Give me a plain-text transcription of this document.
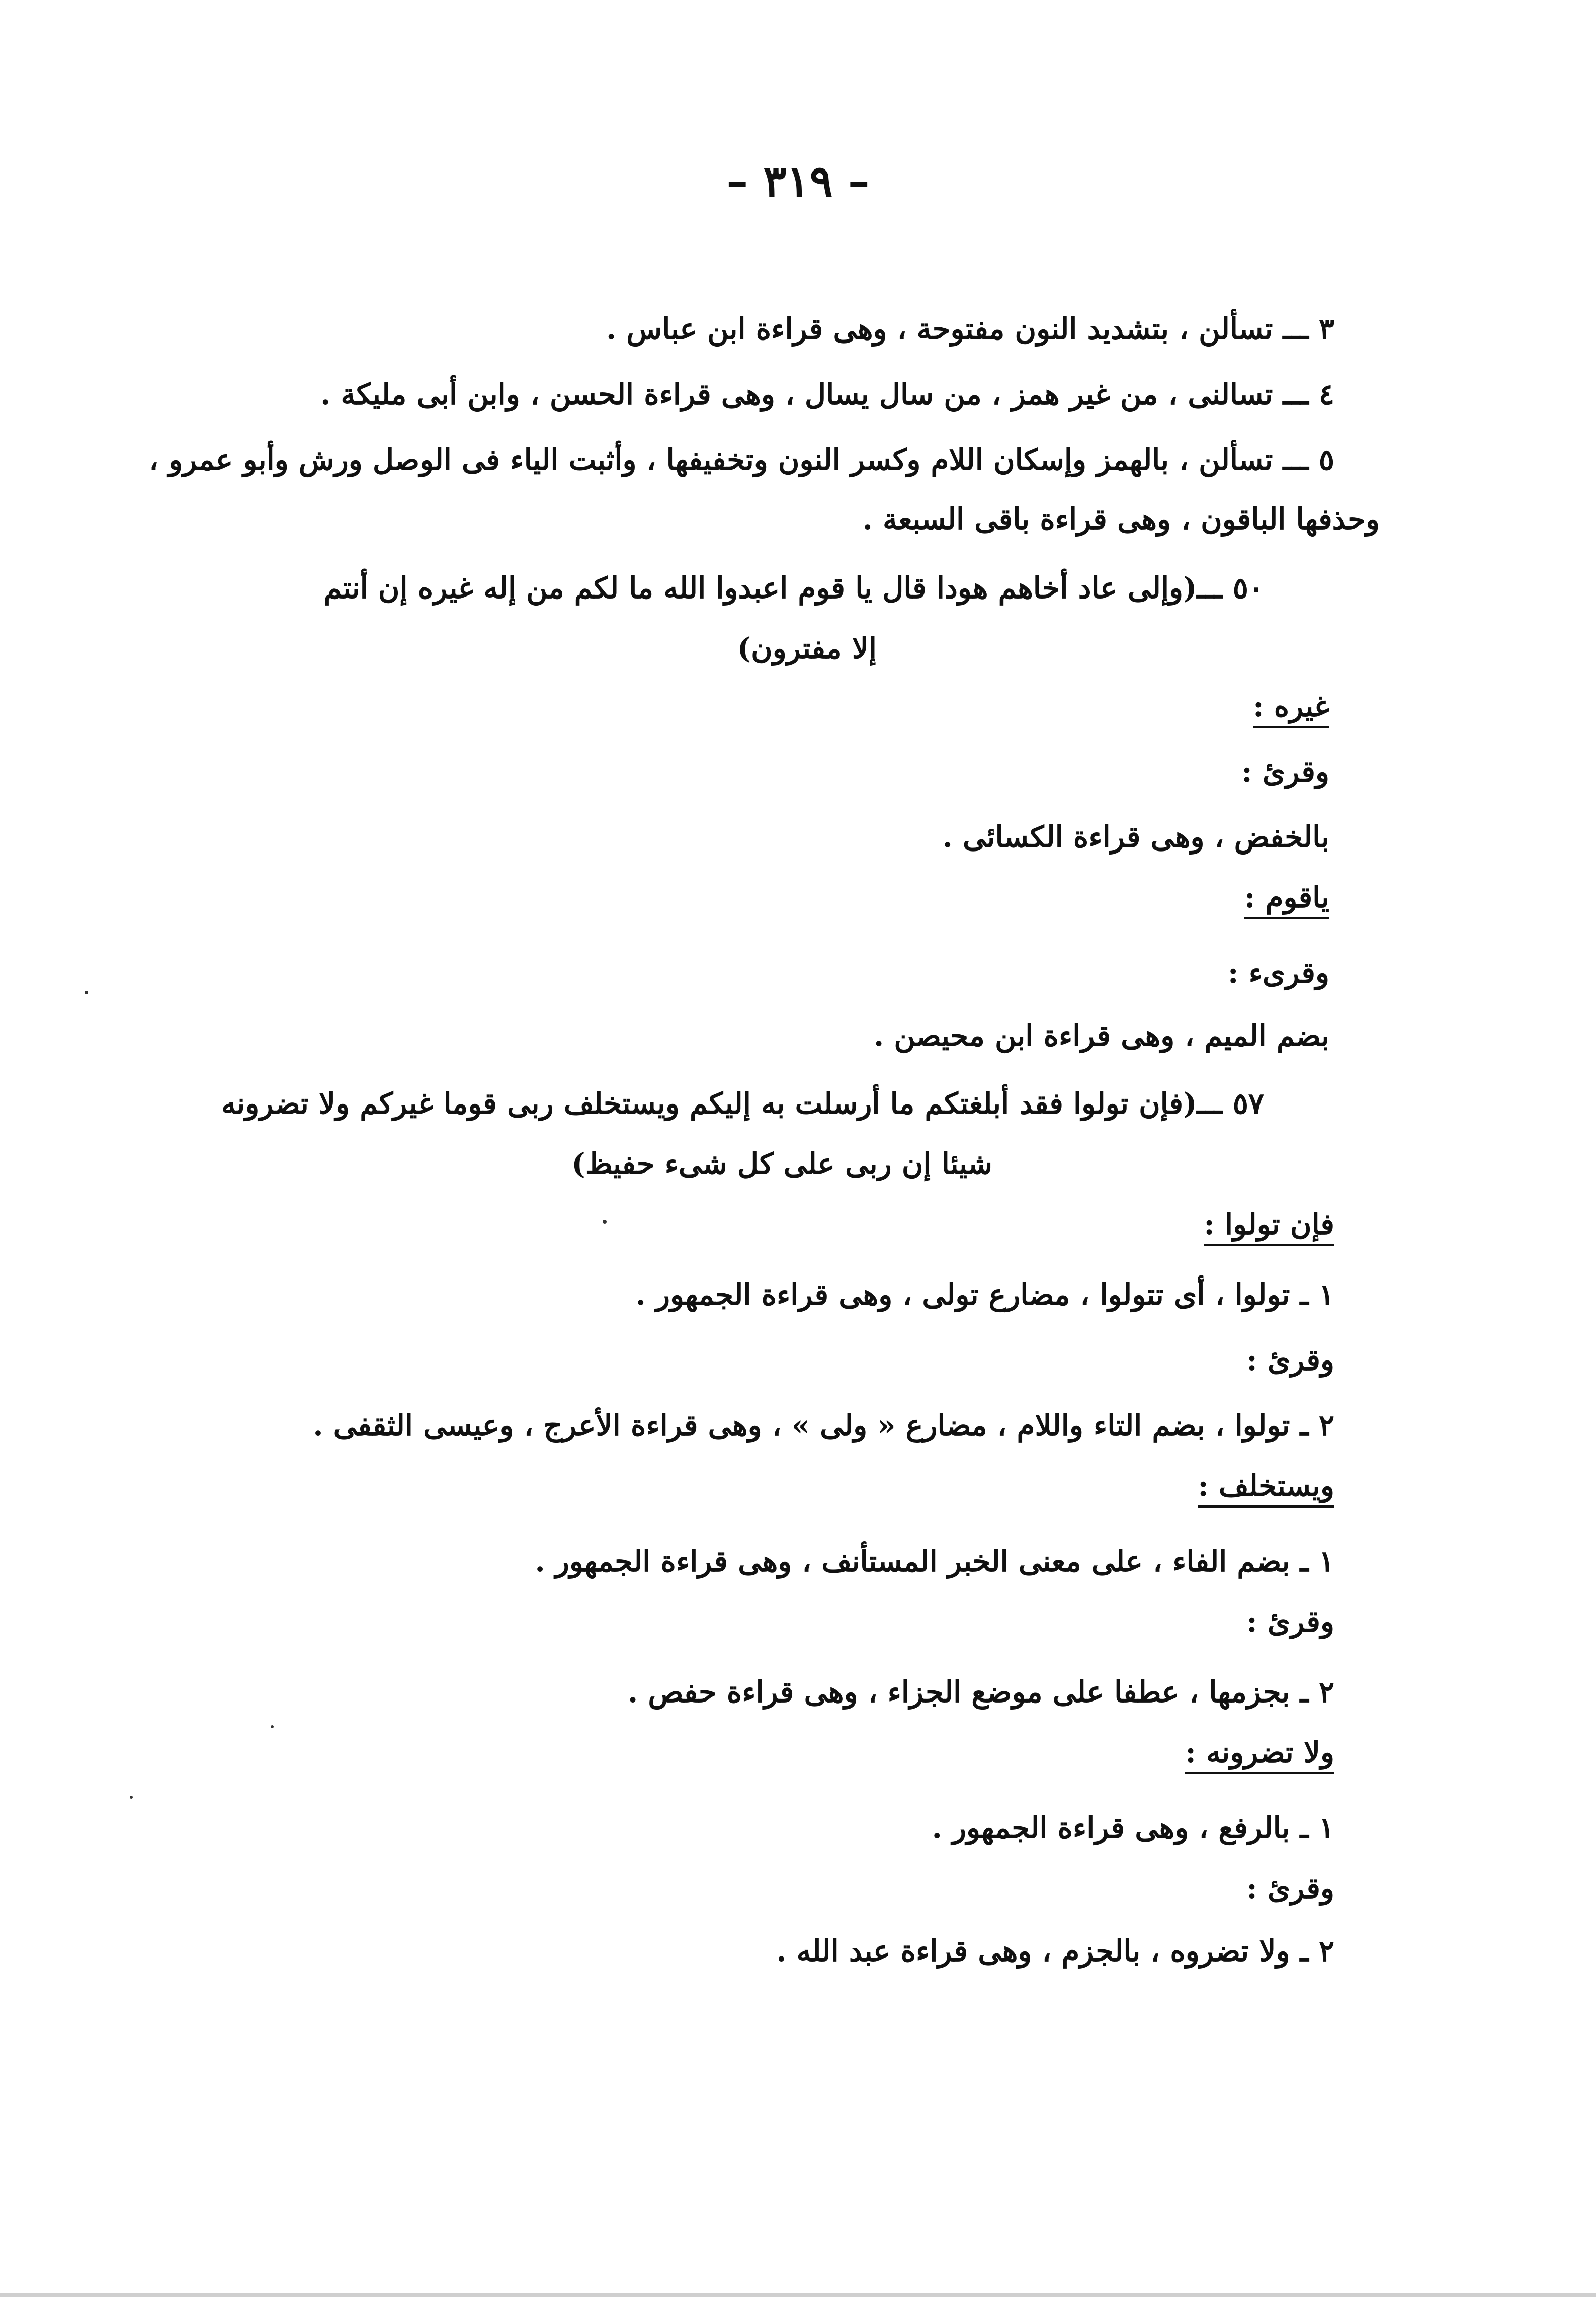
– ٣١٩ –
٣ ـــ تسألن ، بتشديد النون مفتوحة ، وهى قراءة ابن عباس .
٤ ـــ تسالنى ، من غير همز ، من سال يسال ، وهى قراءة الحسن ، وابن أبى مليكة .
٥ ـــ تسألن ، بالهمز وإسكان اللام وكسر النون وتخفيفها ، وأثبت الياء فى الوصل ورش وأبو عمرو ،
وحذفها الباقون ، وهى قراءة باقى السبعة .
٥٠ ـــ(وإلى عاد أخاهم هودا قال يا قوم اعبدوا الله ما لكم من إله غيره إن أنتم
إلا مفترون)
غيره :
وقرئ :
بالخفض ، وهى قراءة الكسائى .
ياقوم :
وقرىء :
بضم الميم ، وهى قراءة ابن محيصن .
٥٧ ـــ(فإن تولوا فقد أبلغتكم ما أرسلت به إليكم ويستخلف ربى قوما غيركم ولا تضرونه
شيئا إن ربى على كل شىء حفيظ)
فإن تولوا :
١ ـ تولوا ، أى تتولوا ، مضارع تولى ، وهى قراءة الجمهور .
وقرئ :
٢ ـ تولوا ، بضم التاء واللام ، مضارع « ولى » ، وهى قراءة الأعرج ، وعيسى الثقفى .
ويستخلف :
١ ـ بضم الفاء ، على معنى الخبر المستأنف ، وهى قراءة الجمهور .
وقرئ :
٢ ـ بجزمها ، عطفا على موضع الجزاء ، وهى قراءة حفص .
ولا تضرونه :
١ ـ بالرفع ، وهى قراءة الجمهور .
وقرئ :
٢ ـ ولا تضروه ، بالجزم ، وهى قراءة عبد الله .
